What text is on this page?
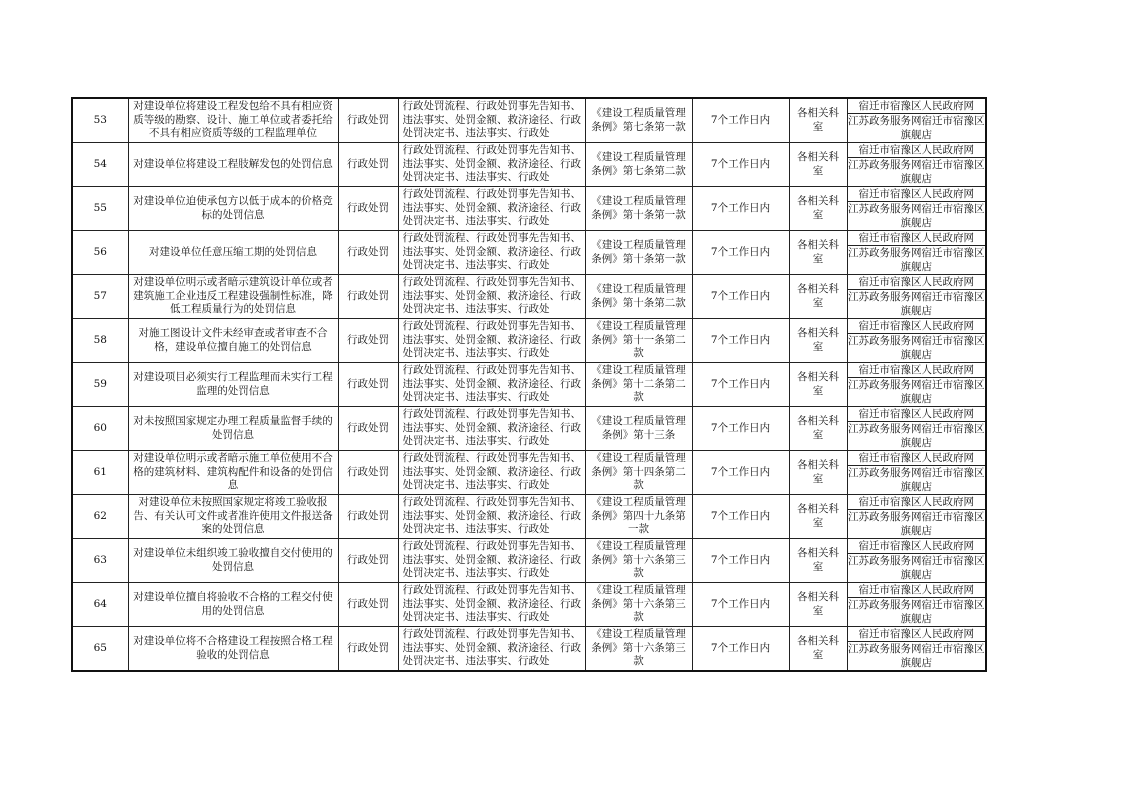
53	对建设单位将建设工程发包给不具有相应资质等级的勘察、设计、施工单位或者委托给不具有相应资质等级的工程监理单位	行政处罚	行政处罚流程、行政处罚事先告知书、违法事实、处罚金额、救济途径、行政处罚决定书、违法事实、行政处	《建设工程质量管理条例》第七条第一款	7个工作日内	各相关科室	宿迁市宿豫区人民政府网
江苏政务服务网宿迁市宿豫区旗舰店

54	对建设单位将建设工程肢解发包的处罚信息	行政处罚	行政处罚流程、行政处罚事先告知书、违法事实、处罚金额、救济途径、行政处罚决定书、违法事实、行政处	《建设工程质量管理条例》第七条第二款	7个工作日内	各相关科室	宿迁市宿豫区人民政府网
江苏政务服务网宿迁市宿豫区旗舰店

55	对建设单位迫使承包方以低于成本的价格竞标的处罚信息	行政处罚	行政处罚流程、行政处罚事先告知书、违法事实、处罚金额、救济途径、行政处罚决定书、违法事实、行政处	《建设工程质量管理条例》第十条第一款	7个工作日内	各相关科室	宿迁市宿豫区人民政府网
江苏政务服务网宿迁市宿豫区旗舰店

56	对建设单位任意压缩工期的处罚信息	行政处罚	行政处罚流程、行政处罚事先告知书、违法事实、处罚金额、救济途径、行政处罚决定书、违法事实、行政处	《建设工程质量管理条例》第十条第一款	7个工作日内	各相关科室	宿迁市宿豫区人民政府网
江苏政务服务网宿迁市宿豫区旗舰店

57	对建设单位明示或者暗示建筑设计单位或者建筑施工企业违反工程建设强制性标准，降低工程质量行为的处罚信息	行政处罚	行政处罚流程、行政处罚事先告知书、违法事实、处罚金额、救济途径、行政处罚决定书、违法事实、行政处	《建设工程质量管理条例》第十条第二款	7个工作日内	各相关科室	宿迁市宿豫区人民政府网
江苏政务服务网宿迁市宿豫区旗舰店

58	对施工图设计文件未经审查或者审查不合格，建设单位擅自施工的处罚信息	行政处罚	行政处罚流程、行政处罚事先告知书、违法事实、处罚金额、救济途径、行政处罚决定书、违法事实、行政处	《建设工程质量管理条例》第十一条第二款	7个工作日内	各相关科室	宿迁市宿豫区人民政府网
江苏政务服务网宿迁市宿豫区旗舰店

59	对建设项目必须实行工程监理而未实行工程监理的处罚信息	行政处罚	行政处罚流程、行政处罚事先告知书、违法事实、处罚金额、救济途径、行政处罚决定书、违法事实、行政处	《建设工程质量管理条例》第十二条第二款	7个工作日内	各相关科室	宿迁市宿豫区人民政府网
江苏政务服务网宿迁市宿豫区旗舰店

60	对未按照国家规定办理工程质量监督手续的处罚信息	行政处罚	行政处罚流程、行政处罚事先告知书、违法事实、处罚金额、救济途径、行政处罚决定书、违法事实、行政处	《建设工程质量管理条例》第十三条	7个工作日内	各相关科室	宿迁市宿豫区人民政府网
江苏政务服务网宿迁市宿豫区旗舰店

61	对建设单位明示或者暗示施工单位使用不合格的建筑材料、建筑构配件和设备的处罚信息	行政处罚	行政处罚流程、行政处罚事先告知书、违法事实、处罚金额、救济途径、行政处罚决定书、违法事实、行政处	《建设工程质量管理条例》第十四条第二款	7个工作日内	各相关科室	宿迁市宿豫区人民政府网
江苏政务服务网宿迁市宿豫区旗舰店

62	对建设单位未按照国家规定将竣工验收报告、有关认可文件或者准许使用文件报送备案的处罚信息	行政处罚	行政处罚流程、行政处罚事先告知书、违法事实、处罚金额、救济途径、行政处罚决定书、违法事实、行政处	《建设工程质量管理条例》第四十九条第一款	7个工作日内	各相关科室	宿迁市宿豫区人民政府网
江苏政务服务网宿迁市宿豫区旗舰店

63	对建设单位未组织竣工验收擅自交付使用的处罚信息	行政处罚	行政处罚流程、行政处罚事先告知书、违法事实、处罚金额、救济途径、行政处罚决定书、违法事实、行政处	《建设工程质量管理条例》第十六条第三款	7个工作日内	各相关科室	宿迁市宿豫区人民政府网
江苏政务服务网宿迁市宿豫区旗舰店

64	对建设单位擅自将验收不合格的工程交付使用的处罚信息	行政处罚	行政处罚流程、行政处罚事先告知书、违法事实、处罚金额、救济途径、行政处罚决定书、违法事实、行政处	《建设工程质量管理条例》第十六条第三款	7个工作日内	各相关科室	宿迁市宿豫区人民政府网
江苏政务服务网宿迁市宿豫区旗舰店

65	对建设单位将不合格建设工程按照合格工程验收的处罚信息	行政处罚	行政处罚流程、行政处罚事先告知书、违法事实、处罚金额、救济途径、行政处罚决定书、违法事实、行政处	《建设工程质量管理条例》第十六条第三款	7个工作日内	各相关科室	宿迁市宿豫区人民政府网
江苏政务服务网宿迁市宿豫区旗舰店
